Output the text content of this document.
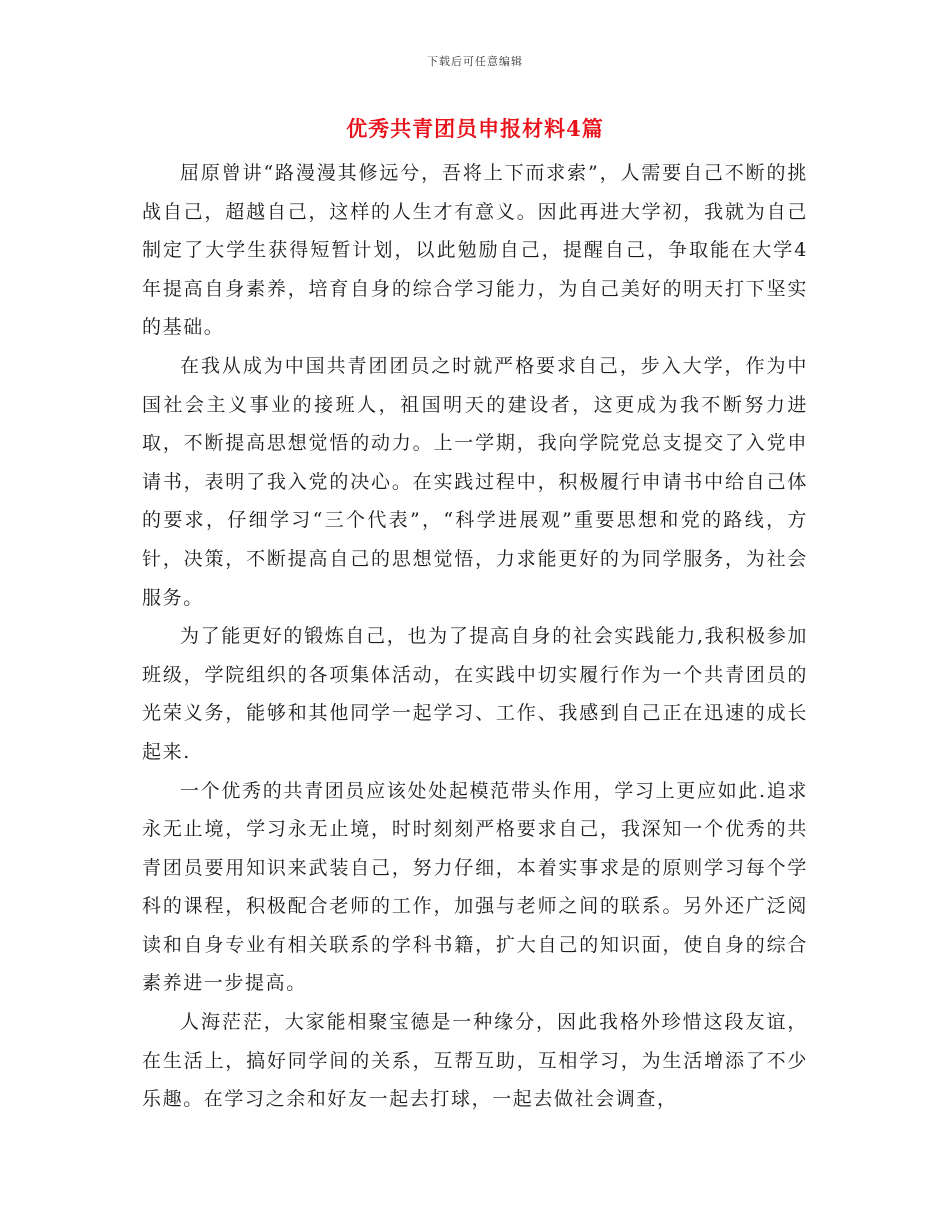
下载后可任意编辑
优秀共青团员申报材料4篇

屈原曾讲“路漫漫其修远兮，吾将上下而求索”，人需要自己不断的挑战自己，超越自己，这样的人生才有意义。因此再进大学初，我就为自己制定了大学生获得短暂计划，以此勉励自己，提醒自己，争取能在大学4年提高自身素养，培育自身的综合学习能力，为自己美好的明天打下坚实的基础。

在我从成为中国共青团团员之时就严格要求自己，步入大学，作为中国社会主义事业的接班人，祖国明天的建设者，这更成为我不断努力进取，不断提高思想觉悟的动力。上一学期，我向学院党总支提交了入党申请书，表明了我入党的决心。在实践过程中，积极履行申请书中给自己体的要求，仔细学习“三个代表”，“科学进展观”重要思想和党的路线，方针，决策，不断提高自己的思想觉悟，力求能更好的为同学服务，为社会服务。

为了能更好的锻炼自己，也为了提高自身的社会实践能力,我积极参加班级，学院组织的各项集体活动，在实践中切实履行作为一个共青团员的光荣义务，能够和其他同学一起学习、工作、我感到自己正在迅速的成长起来.

一个优秀的共青团员应该处处起模范带头作用，学习上更应如此.追求永无止境，学习永无止境，时时刻刻严格要求自己，我深知一个优秀的共青团员要用知识来武装自己，努力仔细，本着实事求是的原则学习每个学科的课程，积极配合老师的工作，加强与老师之间的联系。另外还广泛阅读和自身专业有相关联系的学科书籍，扩大自己的知识面，使自身的综合素养进一步提高。

人海茫茫，大家能相聚宝德是一种缘分，因此我格外珍惜这段友谊，在生活上，搞好同学间的关系，互帮互助，互相学习，为生活增添了不少乐趣。在学习之余和好友一起去打球，一起去做社会调查，
